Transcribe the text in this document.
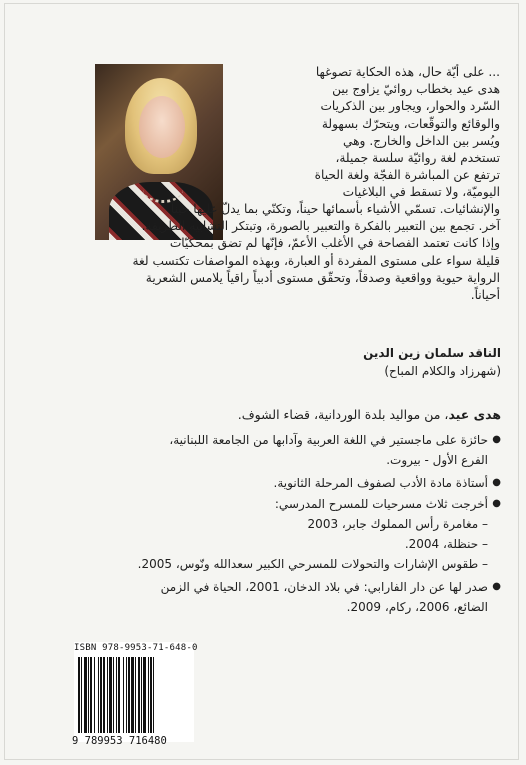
... على أيّة حال، هذه الحكاية تصوغها
هدى عيد بخطاب روائيّ يزاوج بين
السّرد والحوار، ويجاور بين الذكريات
والوقائع والتوقّعات، ويتحرّك بسهولة
ويُسر بين الداخل والخارج. وهي
تستخدم لغة روائيّة سلسة جميلة،
ترتفع عن المباشرة الفجّة ولغة الحياة
اليوميّة، ولا تسقط في البلاغيات
والإنشائيات. تسمّي الأشياء بأسمائها حيناً، وتكنّي بما يدلّ عليها حيناً
آخر. تجمع بين التعبير بالفكرة والتعبير بالصورة، وتبتكر التشابيه الطريفة.
وإذا كانت تعتمد الفصاحة في الأغلب الأعمّ، فإنّها لم تضق بمحكيّات
قليلة سواء على مستوى المفردة أو العبارة، وبهذه المواصفات تكتسب لغة
الرواية حيوية وواقعية وصدقاً، وتحقّق مستوى أدبياً راقياً يلامس الشعرية
أحياناً.
الناقد سلمان زين الدين
(شهرزاد والكلام المباح)
هدى عيد، من مواليد بلدة الوردانية، قضاء الشوف.
حائزة على ماجستير في اللغة العربية وآدابها من الجامعة اللبنانية، ●
الفرع الأول - بيروت.
أستاذة مادة الأدب لصفوف المرحلة الثانوية. ●
أخرجت ثلاث مسرحيات للمسرح المدرسي: ●
– مغامرة رأس المملوك جابر، 2003
– حنظلة، 2004.
– طقوس الإشارات والتحولات للمسرحي الكبير سعدالله ونّوس، 2005.
صدر لها عن دار الفارابي: في بلاد الدخان، 2001، الحياة في الزمن ●
الضائع، 2006، ركام، 2009.
ISBN 978-9953-71-648-0
9 789953 716480
